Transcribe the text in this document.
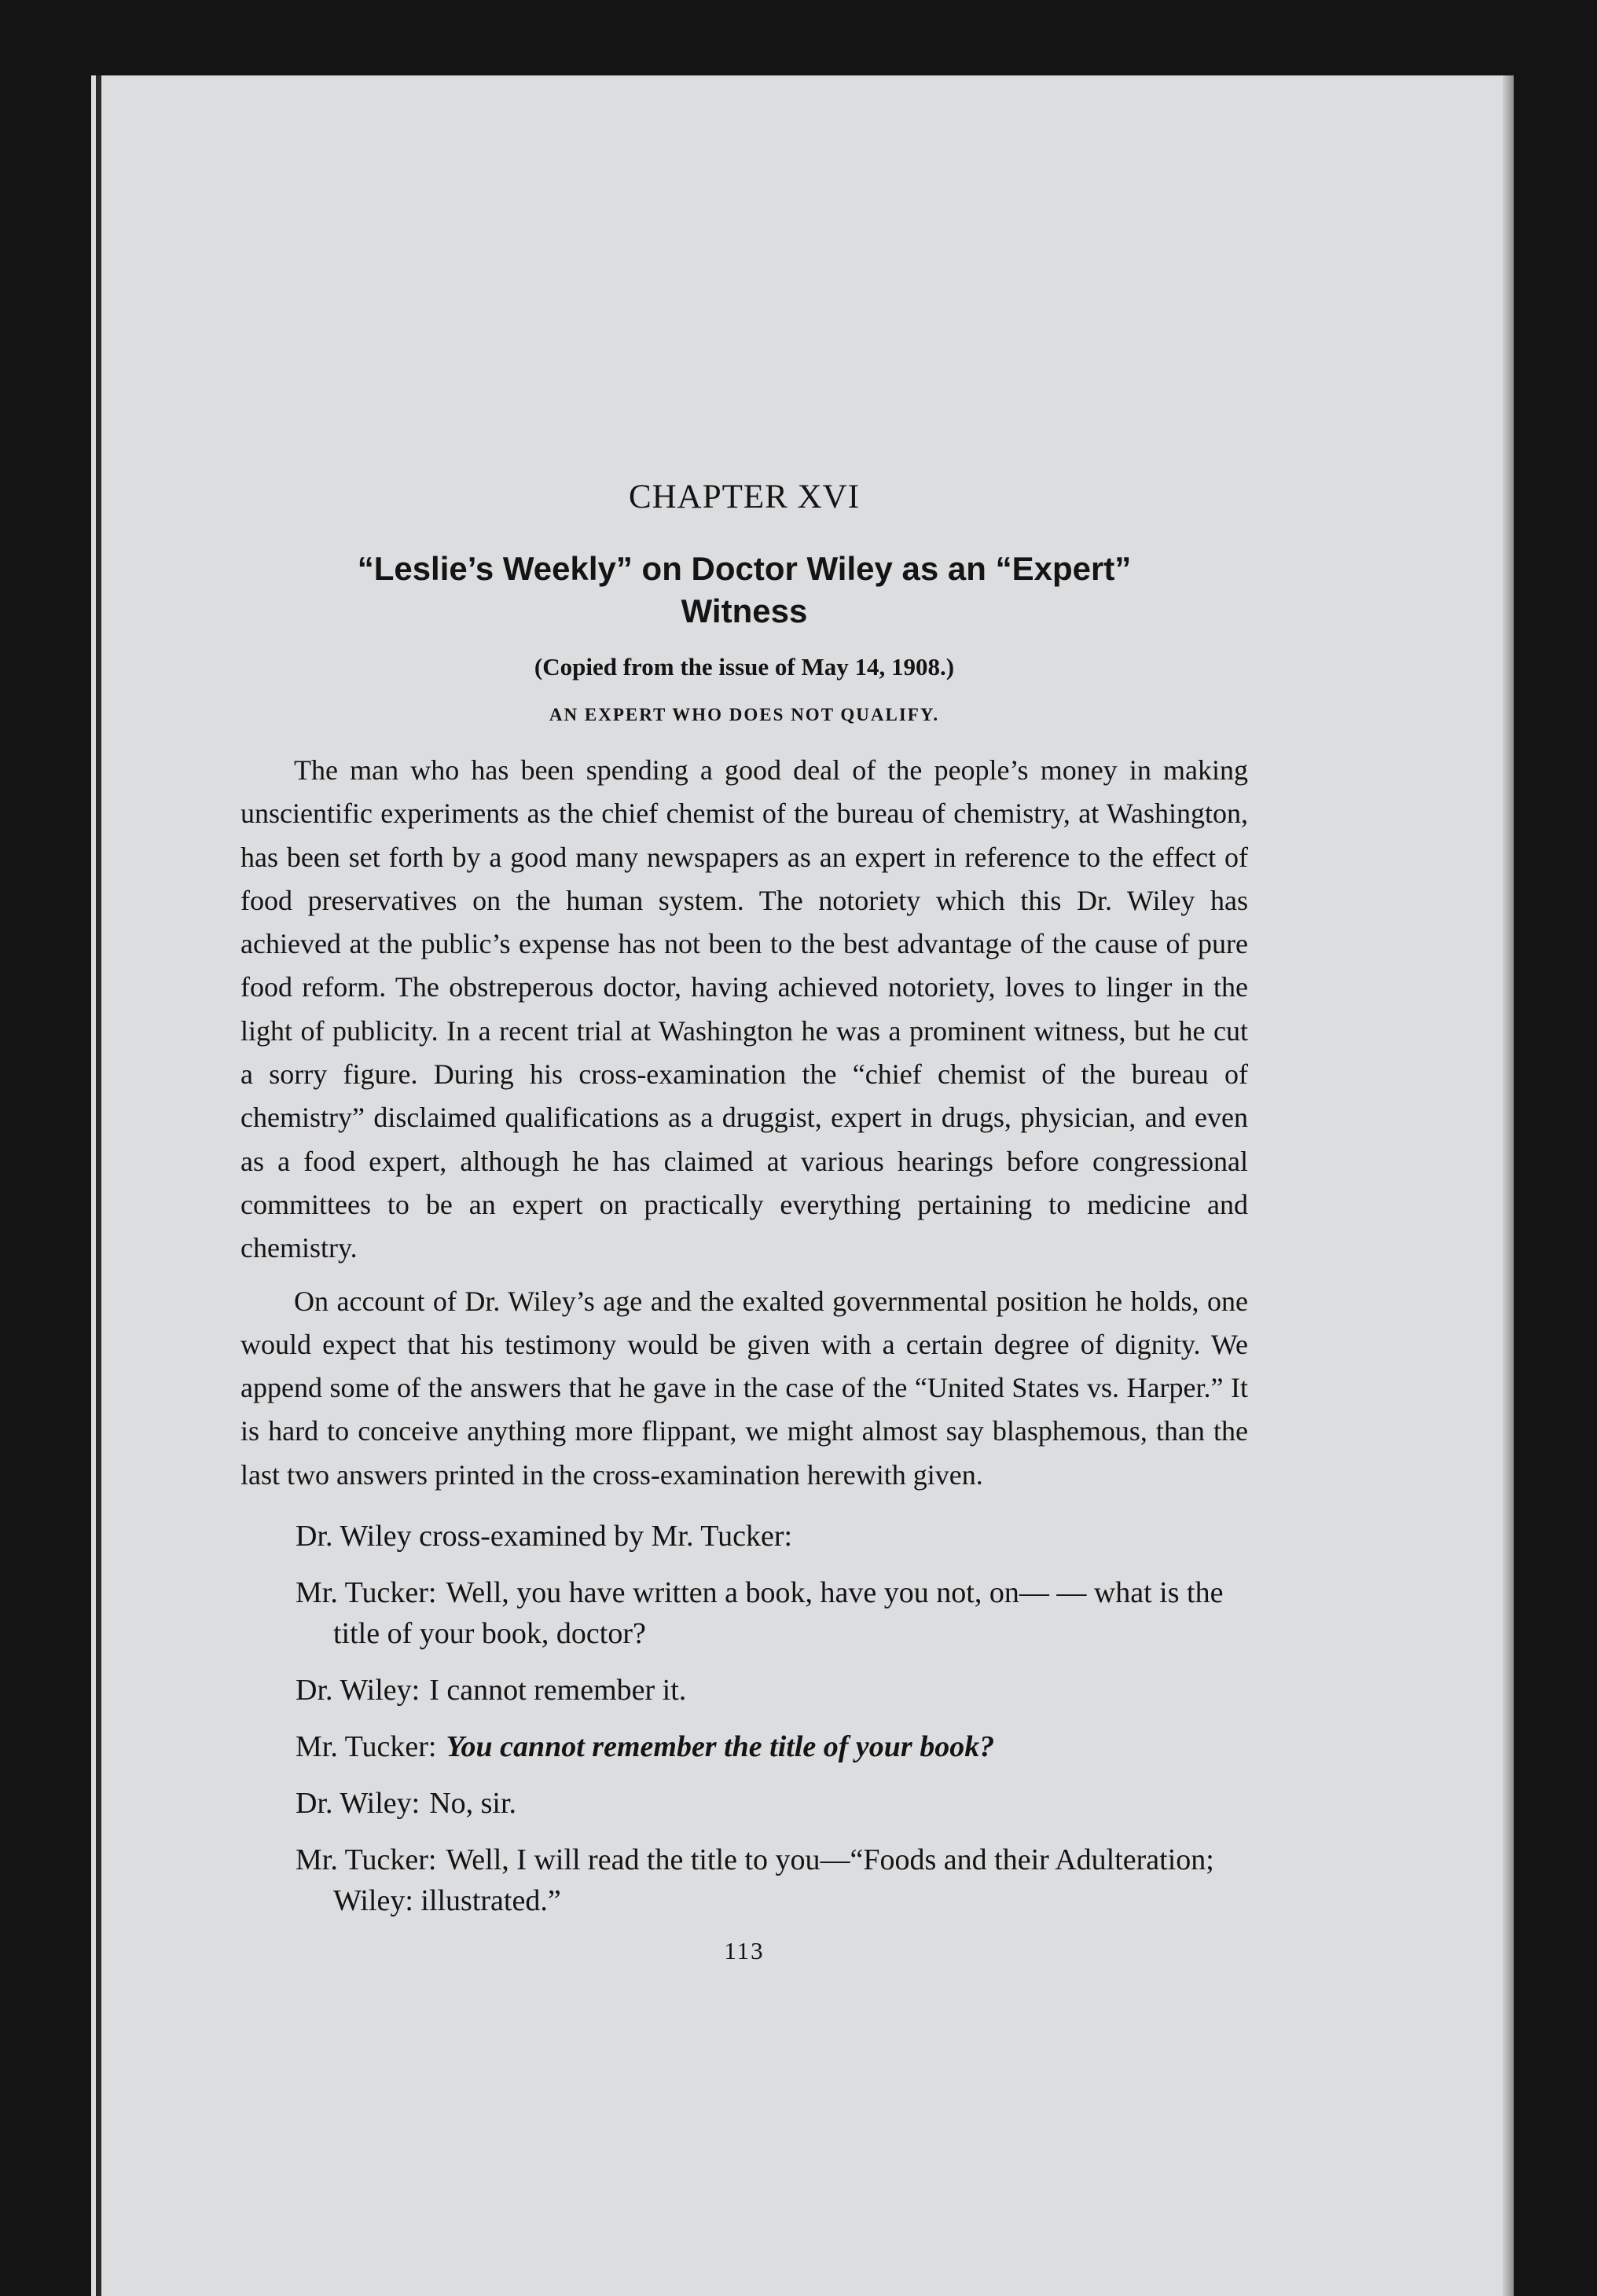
CHAPTER XVI
“Leslie’s Weekly” on Doctor Wiley as an “Expert”
Witness
(Copied from the issue of May 14, 1908.)
AN EXPERT WHO DOES NOT QUALIFY.

The man who has been spending a good deal of the people’s money in making unscientific experiments as the chief chemist of the bureau of chemistry, at Washington, has been set forth by a good many newspapers as an expert in reference to the effect of food preservatives on the human system. The notoriety which this Dr. Wiley has achieved at the public’s expense has not been to the best advantage of the cause of pure food reform. The obstreperous doctor, having achieved notoriety, loves to linger in the light of publicity. In a recent trial at Washington he was a prominent witness, but he cut a sorry figure. During his cross-examination the “chief chemist of the bureau of chemistry” disclaimed qualifications as a druggist, expert in drugs, physician, and even as a food expert, although he has claimed at various hearings before congressional committees to be an expert on practically everything pertaining to medicine and chemistry.

On account of Dr. Wiley’s age and the exalted governmental position he holds, one would expect that his testimony would be given with a certain degree of dignity. We append some of the answers that he gave in the case of the “United States vs. Harper.” It is hard to conceive anything more flippant, we might almost say blasphemous, than the last two answers printed in the cross-examination herewith given.

Dr. Wiley cross-examined by Mr. Tucker:

Mr. Tucker: Well, you have written a book, have you not, on— — what is the title of your book, doctor?

Dr. Wiley: I cannot remember it.

Mr. Tucker: You cannot remember the title of your book?

Dr. Wiley: No, sir.

Mr. Tucker: Well, I will read the title to you—“Foods and their Adulteration; Wiley: illustrated.”

113
